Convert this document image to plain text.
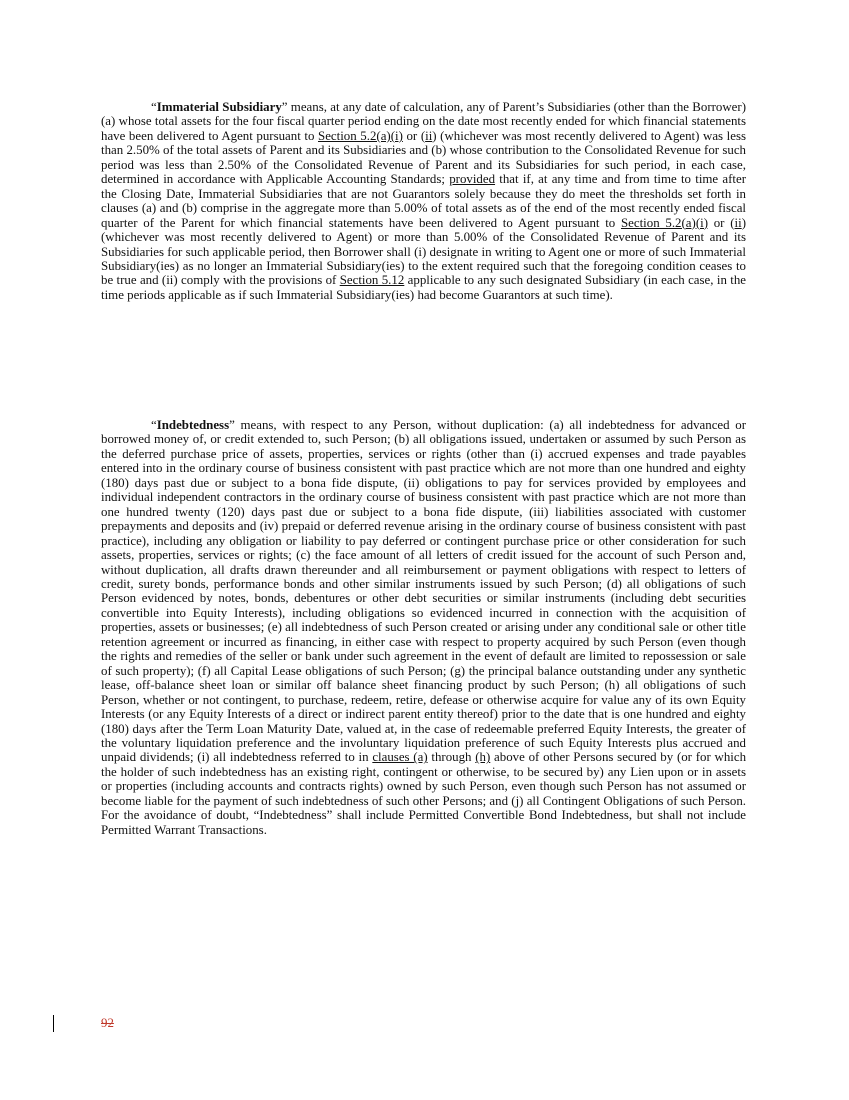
“Immaterial Subsidiary” means, at any date of calculation, any of Parent’s Subsidiaries (other than the Borrower) (a) whose total assets for the four fiscal quarter period ending on the date most recently ended for which financial statements have been delivered to Agent pursuant to Section 5.2(a)(i) or (ii) (whichever was most recently delivered to Agent) was less than 2.50% of the total assets of Parent and its Subsidiaries and (b) whose contribution to the Consolidated Revenue for such period was less than 2.50% of the Consolidated Revenue of Parent and its Subsidiaries for such period, in each case, determined in accordance with Applicable Accounting Standards; provided that if, at any time and from time to time after the Closing Date, Immaterial Subsidiaries that are not Guarantors solely because they do meet the thresholds set forth in clauses (a) and (b) comprise in the aggregate more than 5.00% of total assets as of the end of the most recently ended fiscal quarter of the Parent for which financial statements have been delivered to Agent pursuant to Section 5.2(a)(i) or (ii) (whichever was most recently delivered to Agent) or more than 5.00% of the Consolidated Revenue of Parent and its Subsidiaries for such applicable period, then Borrower shall (i) designate in writing to Agent one or more of such Immaterial Subsidiary(ies) as no longer an Immaterial Subsidiary(ies) to the extent required such that the foregoing condition ceases to be true and (ii) comply with the provisions of Section 5.12 applicable to any such designated Subsidiary (in each case, in the time periods applicable as if such Immaterial Subsidiary(ies) had become Guarantors at such time).

“Indebtedness” means, with respect to any Person, without duplication: (a) all indebtedness for advanced or borrowed money of, or credit extended to, such Person; (b) all obligations issued, undertaken or assumed by such Person as the deferred purchase price of assets, properties, services or rights (other than (i) accrued expenses and trade payables entered into in the ordinary course of business consistent with past practice which are not more than one hundred and eighty (180) days past due or subject to a bona fide dispute, (ii) obligations to pay for services provided by employees and individual independent contractors in the ordinary course of business consistent with past practice which are not more than one hundred twenty (120) days past due or subject to a bona fide dispute, (iii) liabilities associated with customer prepayments and deposits and (iv) prepaid or deferred revenue arising in the ordinary course of business consistent with past practice), including any obligation or liability to pay deferred or contingent purchase price or other consideration for such assets, properties, services or rights; (c) the face amount of all letters of credit issued for the account of such Person and, without duplication, all drafts drawn thereunder and all reimbursement or payment obligations with respect to letters of credit, surety bonds, performance bonds and other similar instruments issued by such Person; (d) all obligations of such Person evidenced by notes, bonds, debentures or other debt securities or similar instruments (including debt securities convertible into Equity Interests), including obligations so evidenced incurred in connection with the acquisition of properties, assets or businesses; (e) all indebtedness of such Person created or arising under any conditional sale or other title retention agreement or incurred as financing, in either case with respect to property acquired by such Person (even though the rights and remedies of the seller or bank under such agreement in the event of default are limited to repossession or sale of such property); (f) all Capital Lease obligations of such Person; (g) the principal balance outstanding under any synthetic lease, off-balance sheet loan or similar off balance sheet financing product by such Person; (h) all obligations of such Person, whether or not contingent, to purchase, redeem, retire, defease or otherwise acquire for value any of its own Equity Interests (or any Equity Interests of a direct or indirect parent entity thereof) prior to the date that is one hundred and eighty (180) days after the Term Loan Maturity Date, valued at, in the case of redeemable preferred Equity Interests, the greater of the voluntary liquidation preference and the involuntary liquidation preference of such Equity Interests plus accrued and unpaid dividends; (i) all indebtedness referred to in clauses (a) through (h) above of other Persons secured by (or for which the holder of such indebtedness has an existing right, contingent or otherwise, to be secured by) any Lien upon or in assets or properties (including accounts and contracts rights) owned by such Person, even though such Person has not assumed or become liable for the payment of such indebtedness of such other Persons; and (j) all Contingent Obligations of such Person. For the avoidance of doubt, “Indebtedness” shall include Permitted Convertible Bond Indebtedness, but shall not include Permitted Warrant Transactions.

92
